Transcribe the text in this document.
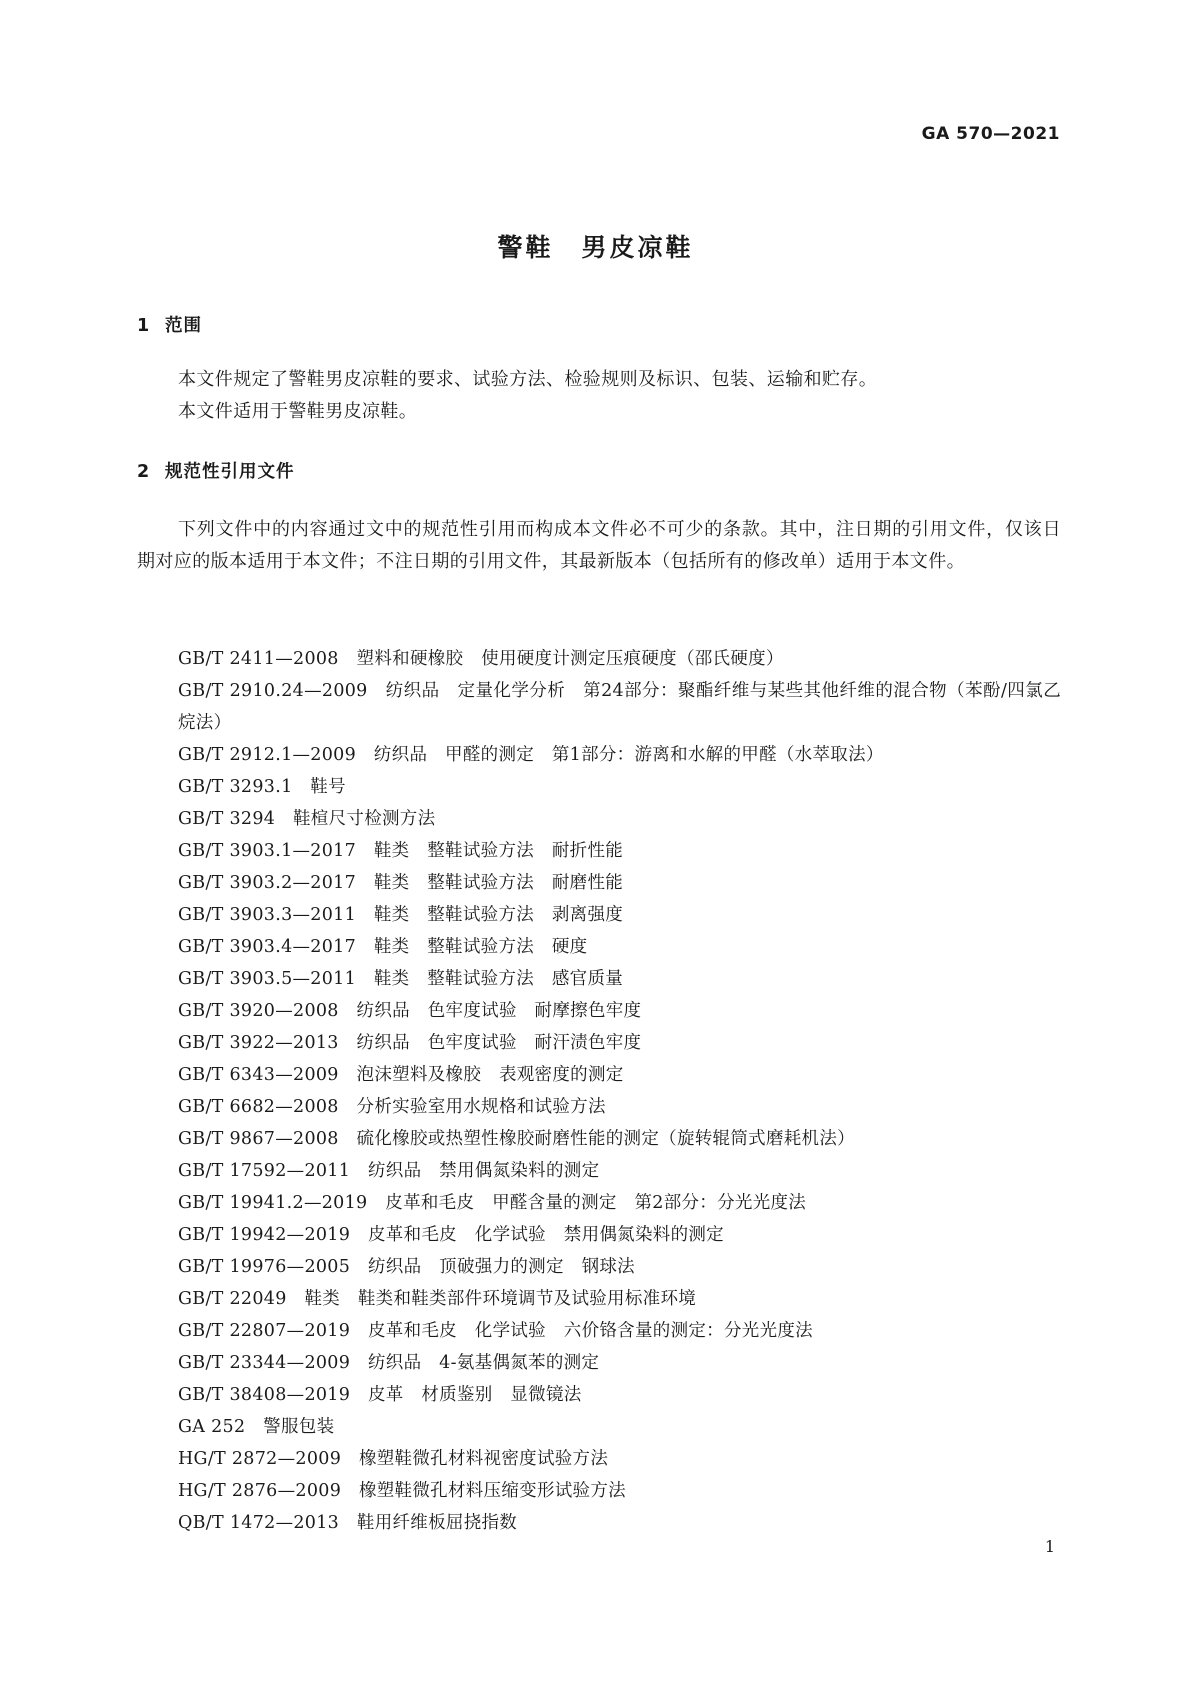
GA 570—2021
警鞋　男皮凉鞋
1 范围

本文件规定了警鞋男皮凉鞋的要求、试验方法、检验规则及标识、包装、运输和贮存。

本文件适用于警鞋男皮凉鞋。

2 规范性引用文件

下列文件中的内容通过文中的规范性引用而构成本文件必不可少的条款。其中，注日期的引用文件，仅该日期对应的版本适用于本文件；不注日期的引用文件，其最新版本（包括所有的修改单）适用于本文件。

GB/T 2411—2008　塑料和硬橡胶　使用硬度计测定压痕硬度（邵氏硬度）
GB/T 2910.24—2009　纺织品　定量化学分析　第24部分：聚酯纤维与某些其他纤维的混合物（苯酚/四氯乙烷法）
GB/T 2912.1—2009　纺织品　甲醛的测定　第1部分：游离和水解的甲醛（水萃取法）
GB/T 3293.1　鞋号
GB/T 3294　鞋楦尺寸检测方法
GB/T 3903.1—2017　鞋类　整鞋试验方法　耐折性能
GB/T 3903.2—2017　鞋类　整鞋试验方法　耐磨性能
GB/T 3903.3—2011　鞋类　整鞋试验方法　剥离强度
GB/T 3903.4—2017　鞋类　整鞋试验方法　硬度
GB/T 3903.5—2011　鞋类　整鞋试验方法　感官质量
GB/T 3920—2008　纺织品　色牢度试验　耐摩擦色牢度
GB/T 3922—2013　纺织品　色牢度试验　耐汗渍色牢度
GB/T 6343—2009　泡沫塑料及橡胶　表观密度的测定
GB/T 6682—2008　分析实验室用水规格和试验方法
GB/T 9867—2008　硫化橡胶或热塑性橡胶耐磨性能的测定（旋转辊筒式磨耗机法）
GB/T 17592—2011　纺织品　禁用偶氮染料的测定
GB/T 19941.2—2019　皮革和毛皮　甲醛含量的测定　第2部分：分光光度法
GB/T 19942—2019　皮革和毛皮　化学试验　禁用偶氮染料的测定
GB/T 19976—2005　纺织品　顶破强力的测定　钢球法
GB/T 22049　鞋类　鞋类和鞋类部件环境调节及试验用标准环境
GB/T 22807—2019　皮革和毛皮　化学试验　六价铬含量的测定：分光光度法
GB/T 23344—2009　纺织品　4-氨基偶氮苯的测定
GB/T 38408—2019　皮革　材质鉴别　显微镜法
GA 252　警服包装
HG/T 2872—2009　橡塑鞋微孔材料视密度试验方法
HG/T 2876—2009　橡塑鞋微孔材料压缩变形试验方法
QB/T 1472—2013　鞋用纤维板屈挠指数
1
